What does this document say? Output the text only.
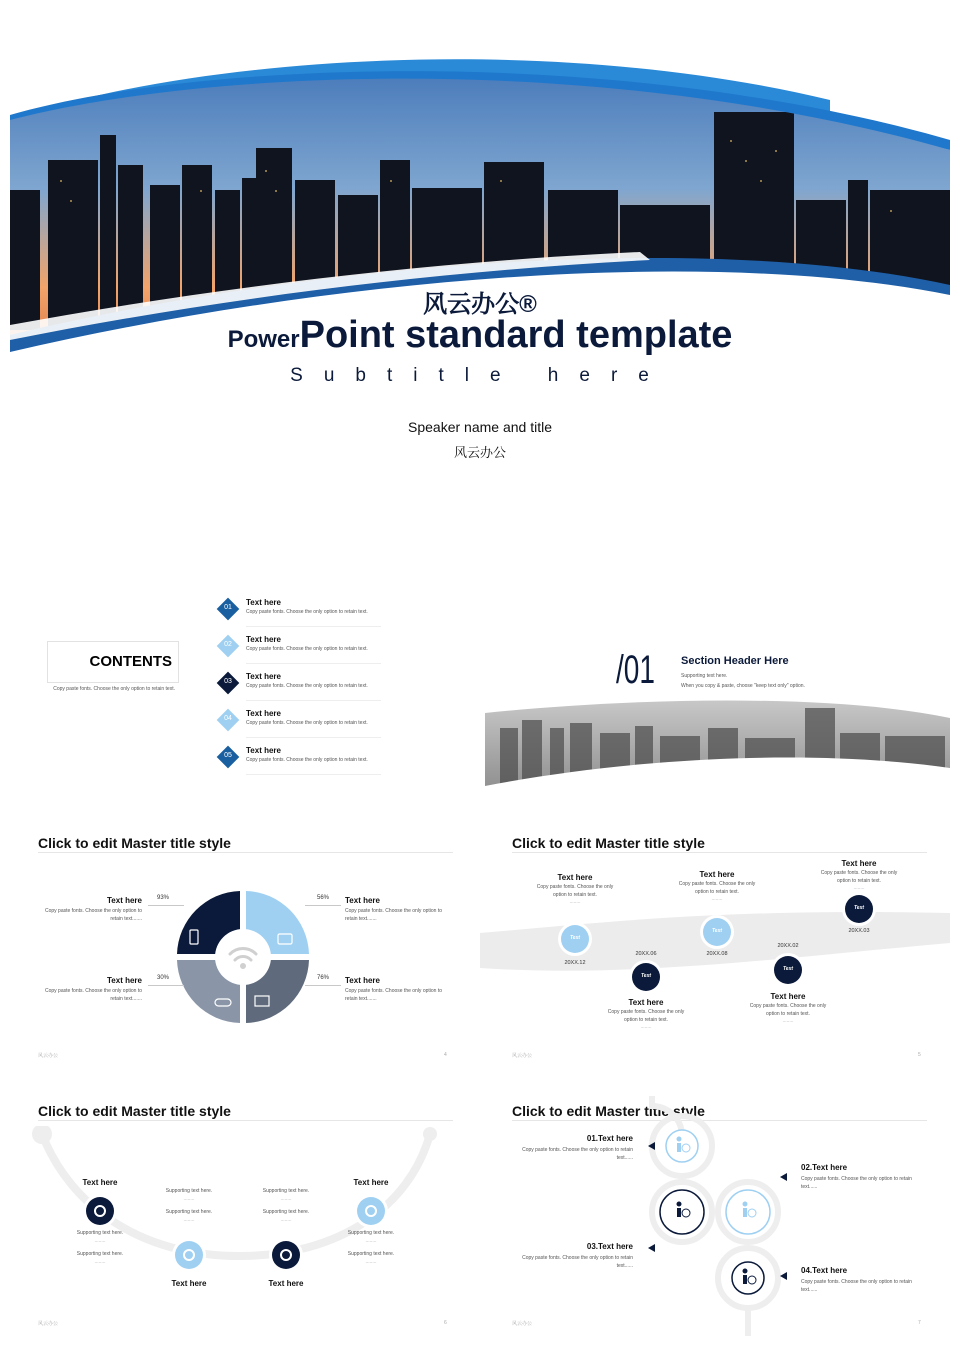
风云办公®
PowerPoint standard template
Subtitle here
Speaker name and title
风云办公
CONTENTS
Copy paste fonts. Choose the only option to retain text.
01
Text here
Copy paste fonts. Choose the only option to retain text.
02
Text here
Copy paste fonts. Choose the only option to retain text.
03
Text here
Copy paste fonts. Choose the only option to retain text.
04
Text here
Copy paste fonts. Choose the only option to retain text.
05
Text here
Copy paste fonts. Choose the only option to retain text.
/01 Section Header Here
Supporting text here.
When you copy & paste, choose "keep text only" option.
Click to edit Master title style
Text here
Copy paste fonts. Choose the only option to retain text.......
93%	Text here
Copy paste fonts. Choose the only option to retain text.......
56%
Text here
Copy paste fonts. Choose the only option to retain text.......
30%	Text here
Copy paste fonts. Choose the only option to retain text.......
76%
风云办公	4
Click to edit Master title style
Text
20XX.12
Text here
Copy paste fonts. Choose the only option to retain text.
........
Text
20XX.06
Text here
Copy paste fonts. Choose the only option to retain text.
........
Text
20XX.08
Text here
Copy paste fonts. Choose the only option to retain text.
........
Text
20XX.02
Text here
Copy paste fonts. Choose the only option to retain text.
........
Text
20XX.03
Text here
Copy paste fonts. Choose the only option to retain text.
........
风云办公	5
Click to edit Master title style
Text here
Supporting text here.
........
Supporting text here.
........
Text here
Supporting text here.
........
Supporting text here.
........
Text here
Supporting text here.
........
Supporting text here.
........
Text here
Supporting text here.
........
Supporting text here.
........
风云办公	6
Click to edit Master title style
01.Text here
Copy paste fonts. Choose the only option to retain text......
02.Text here
Copy paste fonts. Choose the only option to retain text......
03.Text here
Copy paste fonts. Choose the only option to retain text......
04.Text here
Copy paste fonts. Choose the only option to retain text......
风云办公	7
